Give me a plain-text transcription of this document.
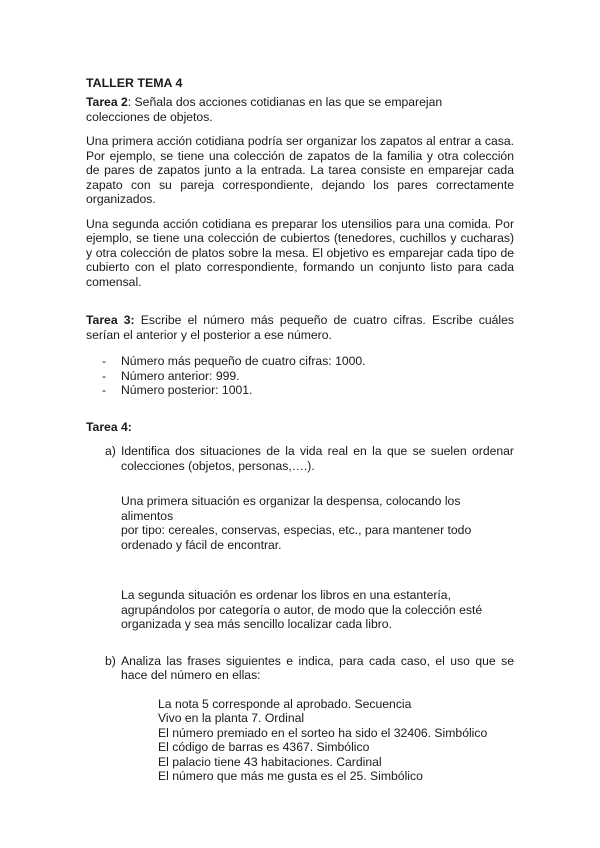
TALLER TEMA 4
Tarea 2: Señala dos acciones cotidianas en las que se emparejan
colecciones de objetos.
Una primera acción cotidiana podría ser organizar los zapatos al entrar a casa. Por ejemplo, se tiene una colección de zapatos de la familia y otra colección de pares de zapatos junto a la entrada. La tarea consiste en emparejar cada zapato con su pareja correspondiente, dejando los pares correctamente organizados.
Una segunda acción cotidiana es preparar los utensilios para una comida. Por ejemplo, se tiene una colección de cubiertos (tenedores, cuchillos y cucharas) y otra colección de platos sobre la mesa. El objetivo es emparejar cada tipo de cubierto con el plato correspondiente, formando un conjunto listo para cada comensal.
Tarea 3: Escribe el número más pequeño de cuatro cifras. Escribe cuáles serían el anterior y el posterior a ese número.
- Número más pequeño de cuatro cifras: 1000.
- Número anterior: 999.
- Número posterior: 1001.
Tarea 4:
a) Identifica dos situaciones de la vida real en la que se suelen ordenar colecciones (objetos, personas,….).
Una primera situación es organizar la despensa, colocando los alimentos
por tipo: cereales, conservas, especias, etc., para mantener todo
ordenado y fácil de encontrar.
La segunda situación es ordenar los libros en una estantería,
agrupándolos por categoría o autor, de modo que la colección esté
organizada y sea más sencillo localizar cada libro.
b) Analiza las frases siguientes e indica, para cada caso, el uso que se hace del número en ellas:
La nota 5 corresponde al aprobado. Secuencia
Vivo en la planta 7. Ordinal
El número premiado en el sorteo ha sido el 32406. Simbólico
El código de barras es 4367. Simbólico
El palacio tiene 43 habitaciones. Cardinal
El número que más me gusta es el 25. Simbólico
